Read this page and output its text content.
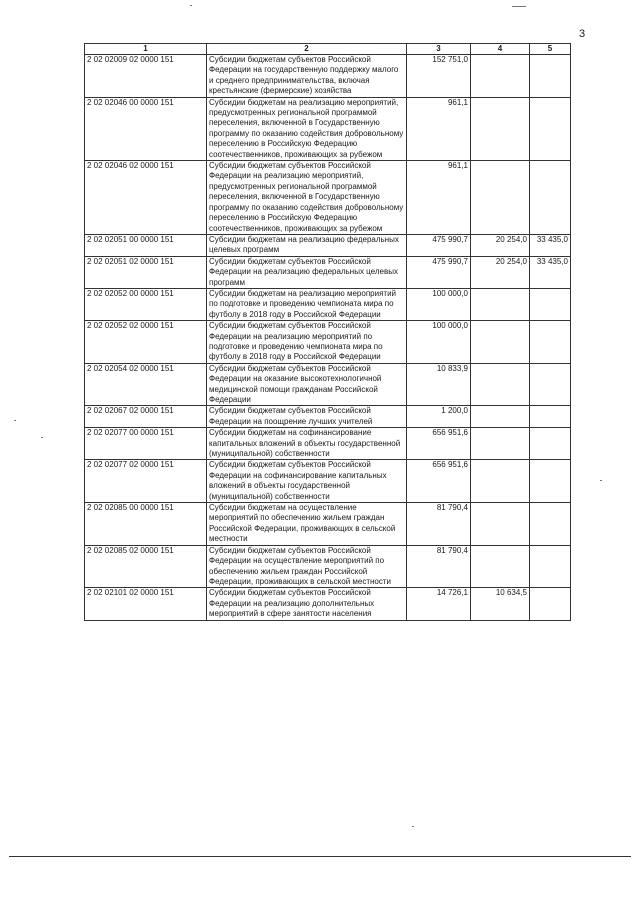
3
1	2	3	4	5
2 02 02009 02 0000 151	Субсидии бюджетам субъектов Российской Федерации на государственную поддержку малого и среднего предпринимательства, включая крестьянские (фермерские) хозяйства	152 751,0		
2 02 02046 00 0000 151	Субсидии бюджетам на реализацию мероприятий, предусмотренных региональной программой переселения, включенной в Государственную программу по оказанию содействия добровольному переселению в Российскую Федерацию соотечественников, проживающих за рубежом	961,1		
2 02 02046 02 0000 151	Субсидии бюджетам субъектов Российской Федерации на реализацию мероприятий, предусмотренных региональной программой переселения, включенной в Государственную программу по оказанию содействия добровольному переселению в Российскую Федерацию соотечественников, проживающих за рубежом	961,1		
2 02 02051 00 0000 151	Субсидии бюджетам на реализацию федеральных целевых программ	475 990,7	20 254,0	33 435,0
2 02 02051 02 0000 151	Субсидии бюджетам субъектов Российской Федерации на реализацию федеральных целевых программ	475 990,7	20 254,0	33 435,0
2 02 02052 00 0000 151	Субсидии бюджетам на реализацию мероприятий по подготовке и проведению чемпионата мира по футболу в 2018 году в Российской Федерации	100 000,0		
2 02 02052 02 0000 151	Субсидии бюджетам субъектов Российской Федерации на реализацию мероприятий по подготовке и проведению чемпионата мира по футболу в 2018 году в Российской Федерации	100 000,0		
2 02 02054 02 0000 151	Субсидии бюджетам субъектов Российской Федерации на оказание высокотехнологичной медицинской помощи гражданам Российской Федерации	10 833,9		
2 02 02067 02 0000 151	Субсидии бюджетам субъектов Российской Федерации на поощрение лучших учителей	1 200,0		
2 02 02077 00 0000 151	Субсидии бюджетам на софинансирование капитальных вложений в объекты государственной (муниципальной) собственности	656 951,6		
2 02 02077 02 0000 151	Субсидии бюджетам субъектов Российской Федерации на софинансирование капитальных вложений в объекты государственной (муниципальной) собственности	656 951,6		
2 02 02085 00 0000 151	Субсидии бюджетам на осуществление мероприятий по обеспечению жильем граждан Российской Федерации, проживающих в сельской местности	81 790,4		
2 02 02085 02 0000 151	Субсидии бюджетам субъектов Российской Федерации на осуществление мероприятий по обеспечению жильем граждан Российской Федерации, проживающих в сельской местности	81 790,4		
2 02 02101 02 0000 151	Субсидии бюджетам субъектов Российской Федерации на реализацию дополнительных мероприятий в сфере занятости населения	14 726,1	10 634,5	
